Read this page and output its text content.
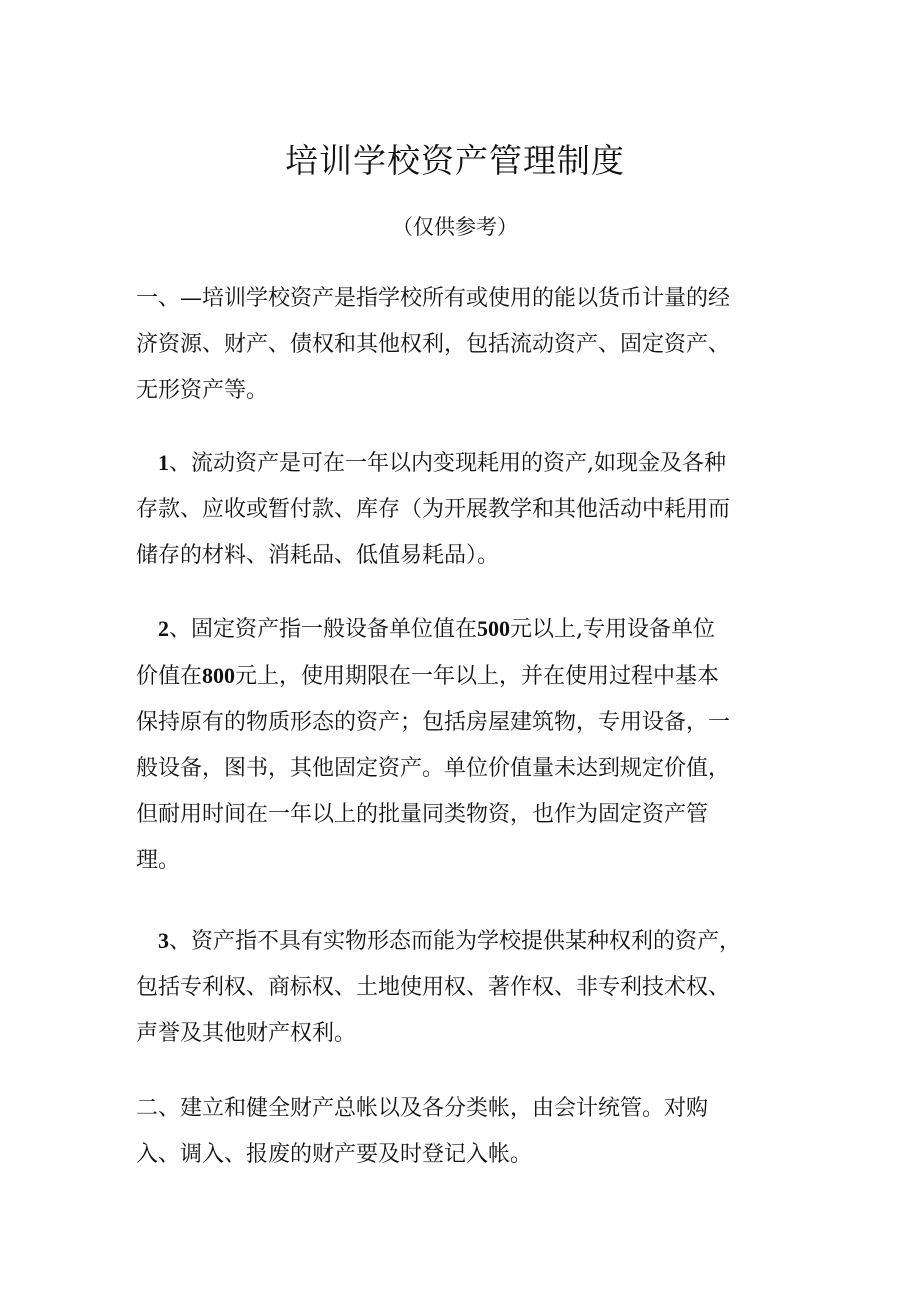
培训学校资产管理制度

（仅供参考）

一、—培训学校资产是指学校所有或使用的能以货币计量的经
济资源、财产、债权和其他权利，包括流动资产、固定资产、
无形资产等。
1、流动资产是可在一年以内变现耗用的资产,如现金及各种
存款、应收或暂付款、库存（为开展教学和其他活动中耗用而
储存的材料、消耗品、低值易耗品）。
2、固定资产指一般设备单位值在500元以上,专用设备单位
价值在800元上，使用期限在一年以上，并在使用过程中基本
保持原有的物质形态的资产；包括房屋建筑物，专用设备，一
般设备，图书，其他固定资产。单位价值量未达到规定价值，
但耐用时间在一年以上的批量同类物资，也作为固定资产管
理。
3、资产指不具有实物形态而能为学校提供某种权利的资产，
包括专利权、商标权、土地使用权、著作权、非专利技术权、
声誉及其他财产权利。
二、建立和健全财产总帐以及各分类帐，由会计统管。对购
入、调入、报废的财产要及时登记入帐。
